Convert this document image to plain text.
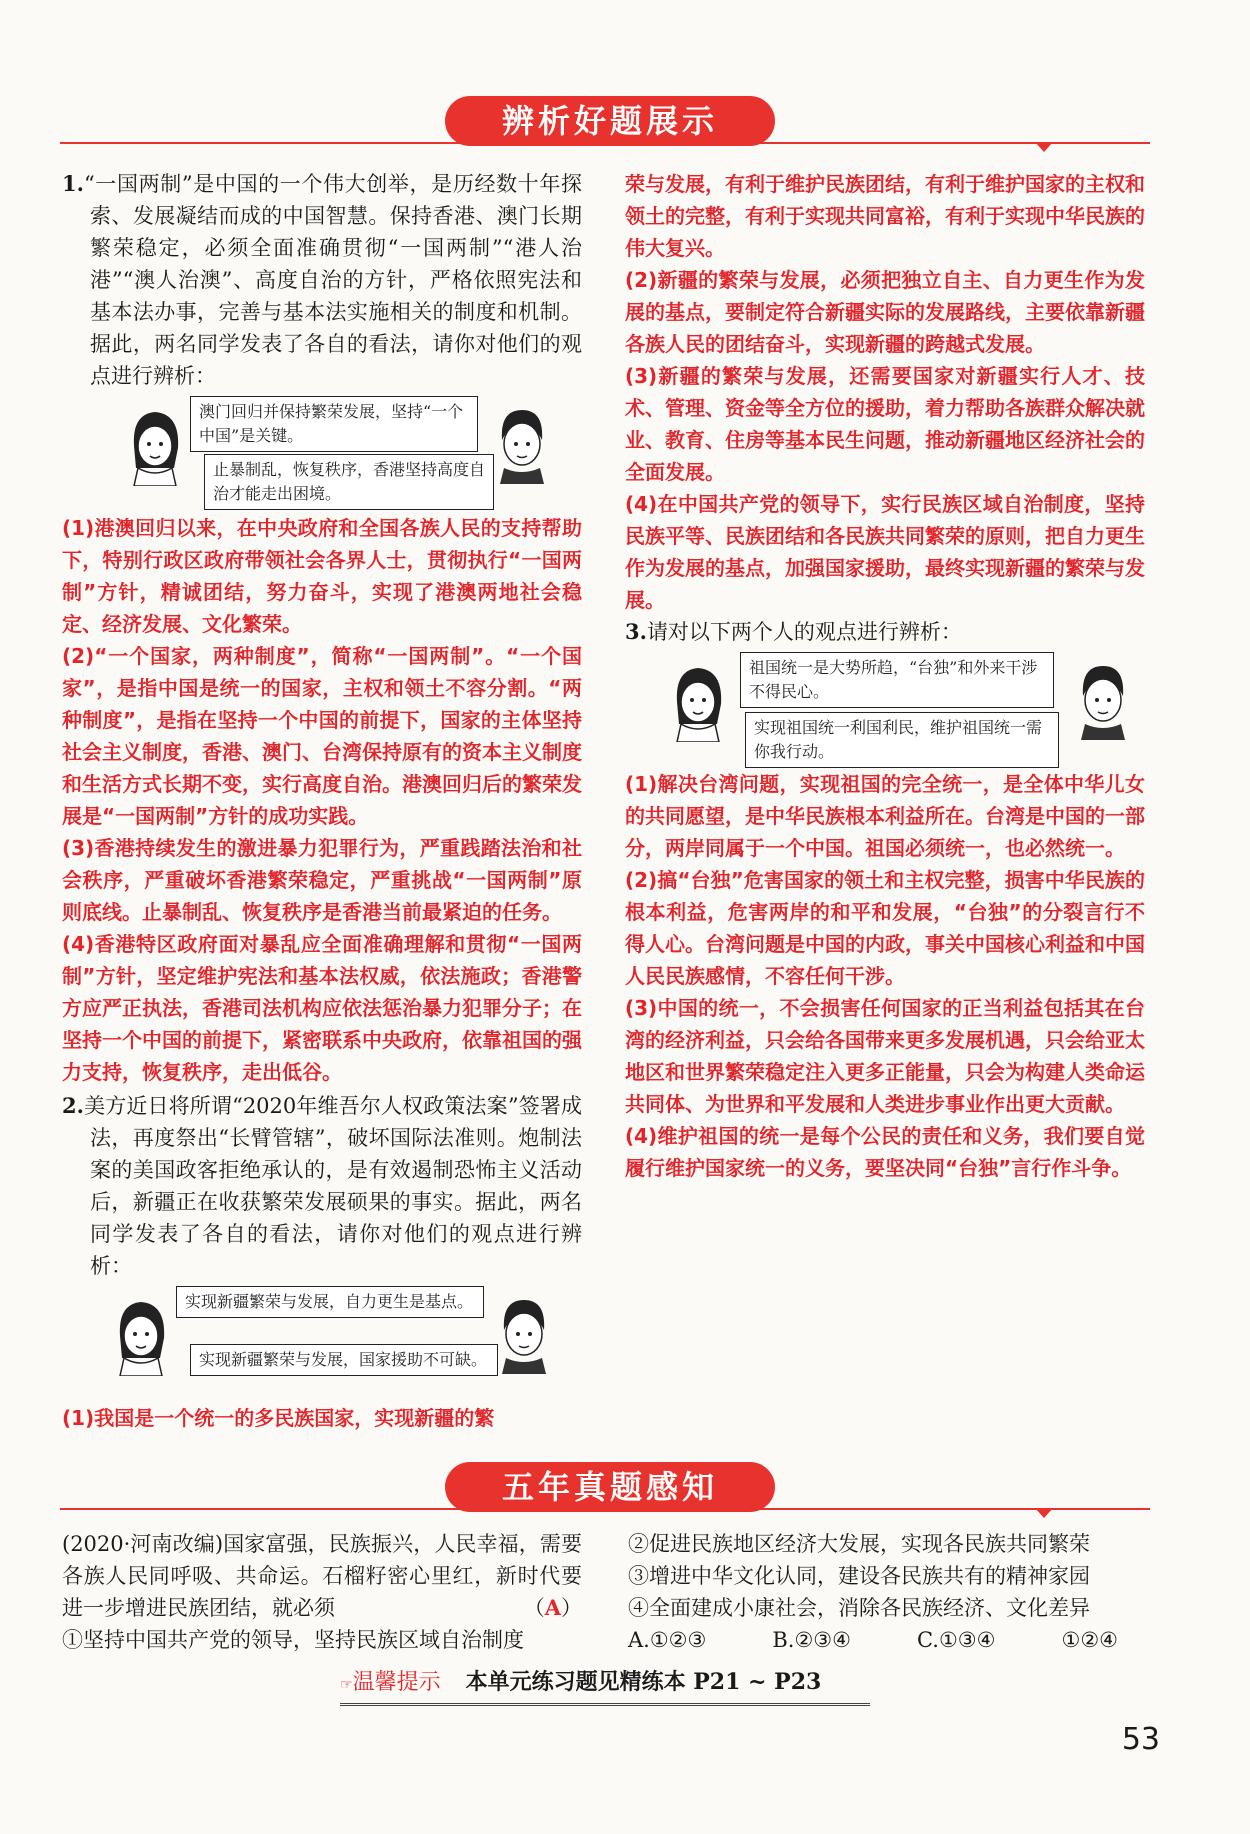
辨析好题展示

1.“一国两制”是中国的一个伟大创举，是历经数十年探索、发展凝结而成的中国智慧。保持香港、澳门长期繁荣稳定，必须全面准确贯彻“一国两制”“港人治港”“澳人治澳”、高度自治的方针，严格依照宪法和基本法办事，完善与基本法实施相关的制度和机制。据此，两名同学发表了各自的看法，请你对他们的观点进行辨析：

澳门回归并保持繁荣发展，坚持“一个中国”是关键。
止暴制乱，恢复秩序，香港坚持高度自治才能走出困境。

(1)港澳回归以来，在中央政府和全国各族人民的支持帮助下，特别行政区政府带领社会各界人士，贯彻执行“一国两制”方针，精诚团结，努力奋斗，实现了港澳两地社会稳定、经济发展、文化繁荣。

(2)“一个国家，两种制度”，简称“一国两制”。“一个国家”，是指中国是统一的国家，主权和领土不容分割。“两种制度”，是指在坚持一个中国的前提下，国家的主体坚持社会主义制度，香港、澳门、台湾保持原有的资本主义制度和生活方式长期不变，实行高度自治。港澳回归后的繁荣发展是“一国两制”方针的成功实践。

(3)香港持续发生的激进暴力犯罪行为，严重践踏法治和社会秩序，严重破坏香港繁荣稳定，严重挑战“一国两制”原则底线。止暴制乱、恢复秩序是香港当前最紧迫的任务。

(4)香港特区政府面对暴乱应全面准确理解和贯彻“一国两制”方针，坚定维护宪法和基本法权威，依法施政；香港警方应严正执法，香港司法机构应依法惩治暴力犯罪分子；在坚持一个中国的前提下，紧密联系中央政府，依靠祖国的强力支持，恢复秩序，走出低谷。

2.美方近日将所谓“2020年维吾尔人权政策法案”签署成法，再度祭出“长臂管辖”，破坏国际法准则。炮制法案的美国政客拒绝承认的，是有效遏制恐怖主义活动后，新疆正在收获繁荣发展硕果的事实。据此，两名同学发表了各自的看法，请你对他们的观点进行辨析：

实现新疆繁荣与发展，自力更生是基点。
实现新疆繁荣与发展，国家援助不可缺。

(1)我国是一个统一的多民族国家，实现新疆的繁

荣与发展，有利于维护民族团结，有利于维护国家的主权和领土的完整，有利于实现共同富裕，有利于实现中华民族的伟大复兴。

(2)新疆的繁荣与发展，必须把独立自主、自力更生作为发展的基点，要制定符合新疆实际的发展路线，主要依靠新疆各族人民的团结奋斗，实现新疆的跨越式发展。

(3)新疆的繁荣与发展，还需要国家对新疆实行人才、技术、管理、资金等全方位的援助，着力帮助各族群众解决就业、教育、住房等基本民生问题，推动新疆地区经济社会的全面发展。

(4)在中国共产党的领导下，实行民族区域自治制度，坚持民族平等、民族团结和各民族共同繁荣的原则，把自力更生作为发展的基点，加强国家援助，最终实现新疆的繁荣与发展。

3.请对以下两个人的观点进行辨析：

祖国统一是大势所趋，“台独”和外来干涉不得民心。
实现祖国统一利国利民，维护祖国统一需你我行动。

(1)解决台湾问题，实现祖国的完全统一，是全体中华儿女的共同愿望，是中华民族根本利益所在。台湾是中国的一部分，两岸同属于一个中国。祖国必须统一，也必然统一。

(2)搞“台独”危害国家的领土和主权完整，损害中华民族的根本利益，危害两岸的和平和发展，“台独”的分裂言行不得人心。台湾问题是中国的内政，事关中国核心利益和中国人民民族感情，不容任何干涉。

(3)中国的统一，不会损害任何国家的正当利益包括其在台湾的经济利益，只会给各国带来更多发展机遇，只会给亚太地区和世界繁荣稳定注入更多正能量，只会为构建人类命运共同体、为世界和平发展和人类进步事业作出更大贡献。

(4)维护祖国的统一是每个公民的责任和义务，我们要自觉履行维护国家统一的义务，要坚决同“台独”言行作斗争。

五年真题感知

(2020·河南改编)国家富强，民族振兴，人民幸福，需要各族人民同呼吸、共命运。石榴籽密心里红，新时代要进一步增进民族团结，就必须	（A）

①坚持中国共产党的领导，坚持民族区域自治制度

②促进民族地区经济大发展，实现各民族共同繁荣

③增进中华文化认同，建设各民族共有的精神家园

④全面建成小康社会，消除各民族经济、文化差异

A.①②③	B.②③④	C.①③④	①②④
☞温馨提示 本单元练习题见精练本 P21 ~ P23
53
